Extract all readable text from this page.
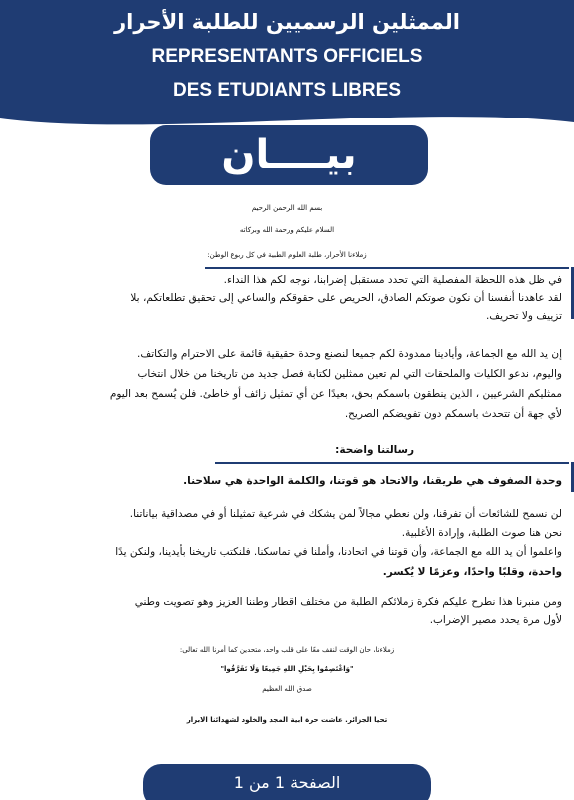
الممثلين الرسميين للطلبة الأحرار
REPRESENTANTS OFFICIELS
DES ETUDIANTS LIBRES
بيــــان
بسم الله الرحمن الرحيم
السلام عليكم ورحمة الله وبركاته
زملاءنا الأحرار، طلبة العلوم الطبية في كل ربوع الوطن:
في ظل هذه اللحظة المفصلية التي تحدد مستقبل إضرابنا، نوجه لكم هذا النداء.
لقد عاهدنا أنفسنا أن نكون صوتكم الصادق، الحريص على حقوقكم والساعي إلى تحقيق تطلعاتكم، بلا
تزييف ولا تحريف.
إن يد الله مع الجماعة، وأيادينا ممدودة لكم جميعا لنصنع وحدة حقيقية قائمة على الاحترام والتكاتف.
واليوم، ندعو الكليات والملحقات التي لم تعين ممثلين لكتابة فصل جديد من تاريخنا من خلال انتخاب
ممثليكم الشرعيين ، الذين ينطقون باسمكم بحق، بعيدًا عن أي تمثيل زائف أو خاطئ. فلن يُسمح بعد اليوم
لأي جهة أن تتحدث باسمكم دون تفويضكم الصريح.
رسالتنا واضحة:
وحدة الصفوف هي طريقنا، والاتحاد هو قوتنا، والكلمة الواحدة هي سلاحنا.
لن نسمح للشائعات أن تفرقنا، ولن نعطي مجالاً لمن يشكك في شرعية تمثيلنا أو في مصداقية بياناتنا.
نحن هنا صوت الطلبة، وإرادة الأغلبية.
واعلموا أن يد الله مع الجماعة، وأن قوتنا في اتحادنا، وأملنا في تماسكنا. فلنكتب تاريخنا بأيدينا، ولنكن يدًا
واحدة، وقلبًا واحدًا، وعزمًا لا يُكسر.
ومن منبرنا هذا نطرح عليكم فكرة زملائكم الطلبة من مختلف اقطار وطننا العزيز وهو تصويت وطني
لأول مرة يحدد مصير الإضراب.
زملاءنا، حان الوقت لنقف معًا على قلب واحد، متحدين كما أمرنا الله تعالى:
"وَاعْتَصِمُوا بِحَبْلِ اللهِ جَمِيعًا وَلَا تَفَرَّقُوا"
صدق الله العظيم
تحيا الجزائر. عاشت حرة ابية المجد والخلود لشهدائنا الابرار
الصفحة 1 من 1
